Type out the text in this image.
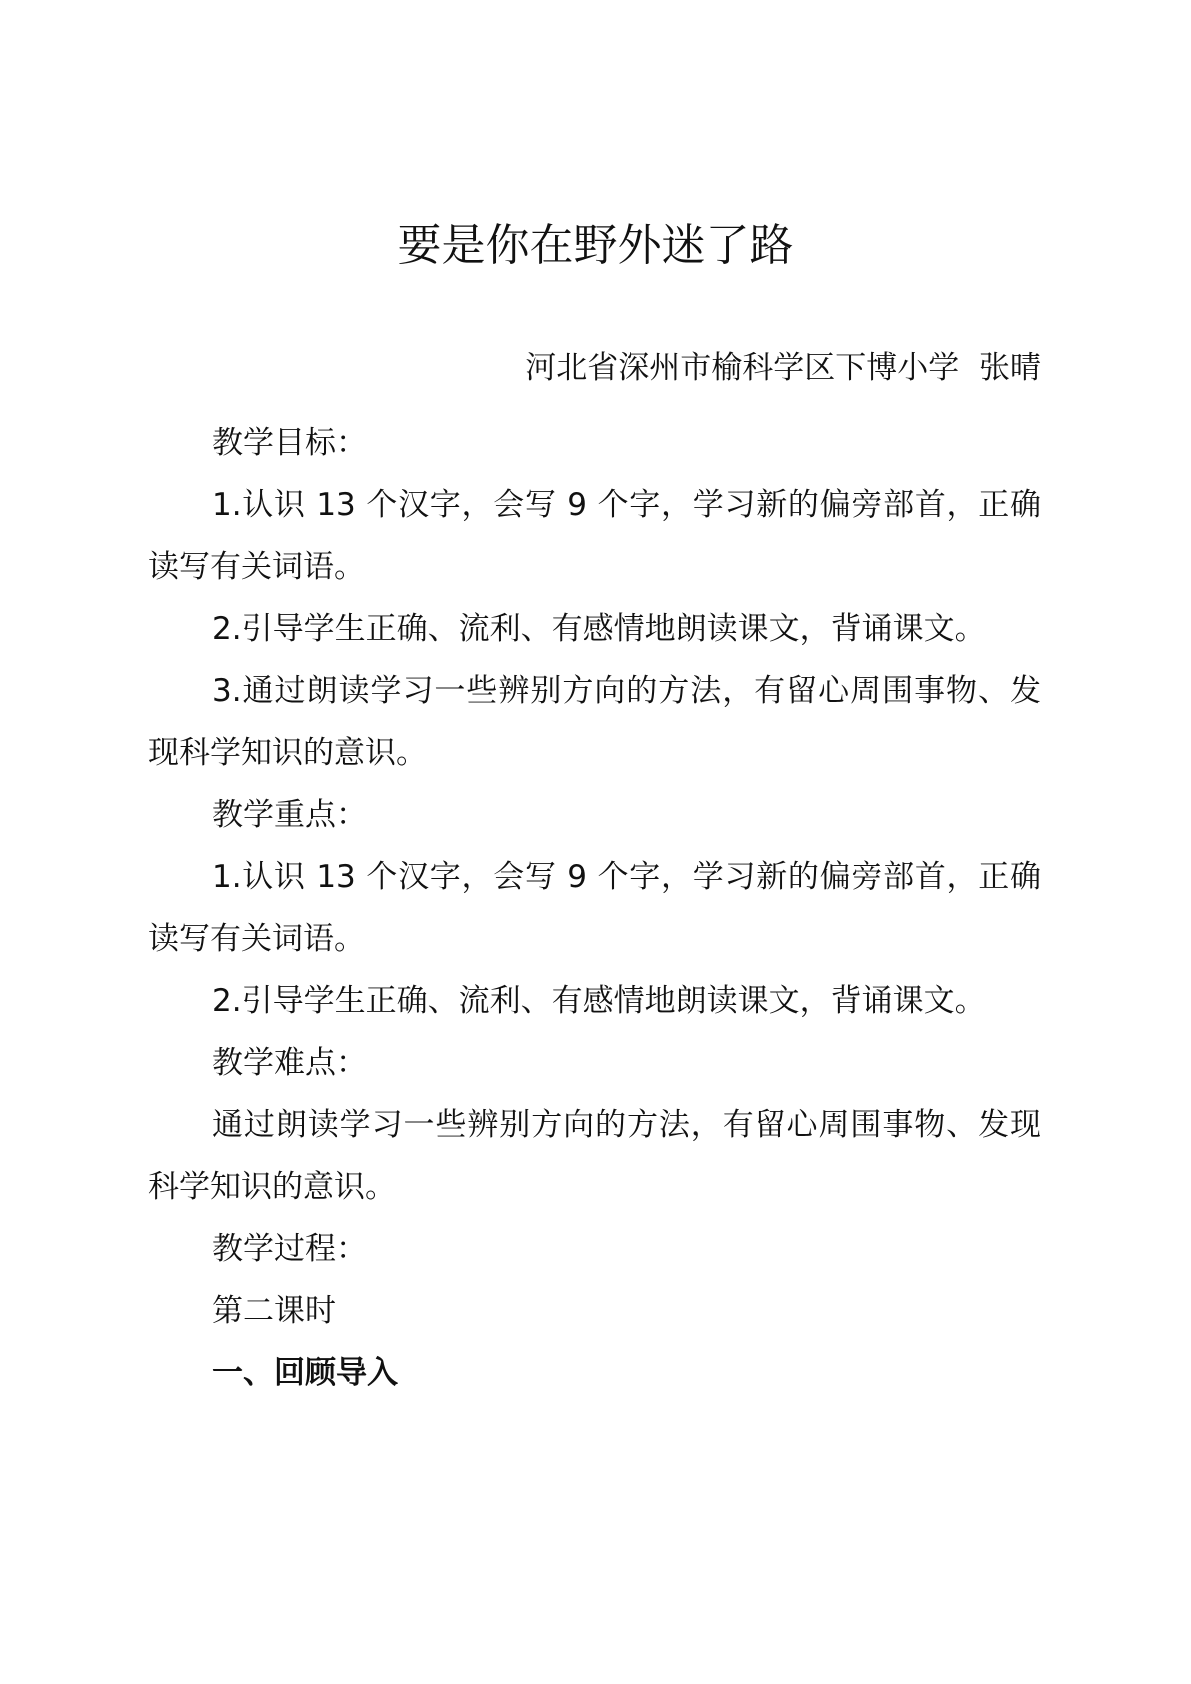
要是你在野外迷了路
河北省深州市榆科学区下博小学  张晴

教学目标：

1.认识 13 个汉字，会写 9 个字，学习新的偏旁部首，正确读写有关词语。

2.引导学生正确、流利、有感情地朗读课文，背诵课文。

3.通过朗读学习一些辨别方向的方法，有留心周围事物、发现科学知识的意识。

教学重点：

1.认识 13 个汉字，会写 9 个字，学习新的偏旁部首，正确读写有关词语。

2.引导学生正确、流利、有感情地朗读课文，背诵课文。

教学难点：

通过朗读学习一些辨别方向的方法，有留心周围事物、发现科学知识的意识。

教学过程：

第二课时

一、回顾导入
